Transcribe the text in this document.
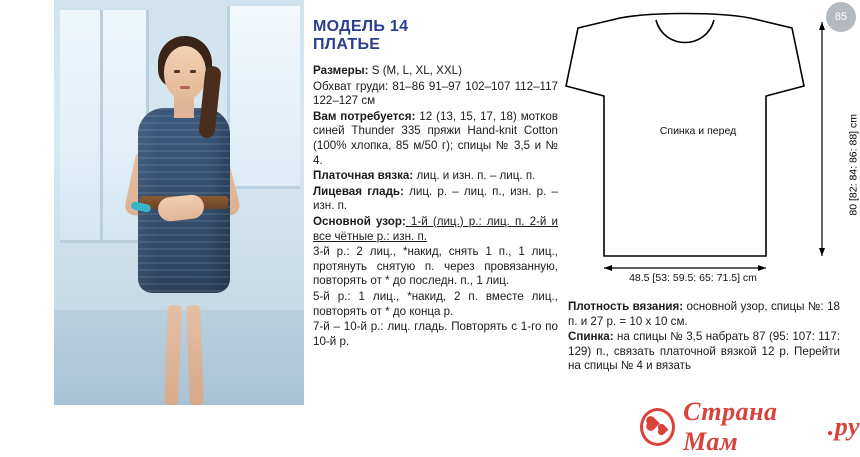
МОДЕЛЬ 14
ПЛАТЬЕ

Размеры: S (M, L, XL, XXL)

Обхват груди: 81–86 91–97 102–107 112–117 122–127 см

Вам потребуется: 12 (13, 15, 17, 18) мотков синей Thunder 335 пряжи Hand-knit Cotton (100% хлопка, 85 м/50 г); спицы № 3,5 и № 4.

Платочная вязка: лиц. и изн. п. – лиц. п.

Лицевая гладь: лиц. р. – лиц. п., изн. р. – изн. п.

Основной узор: 1-й (лиц.) р.: лиц. п. 2-й и все чётные р.: изн. п.

3-й р.: 2 лиц., *накид, снять 1 п., 1 лиц., протянуть снятую п. через провязанную, повторять от * до последн. п., 1 лиц.

5-й р.: 1 лиц., *накид, 2 п. вместе лиц., повторять от * до конца р.

7-й – 10-й р.: лиц. гладь. Повторять с 1-го по 10-й р.

Спинка и перед
48.5 [53: 59.5: 65: 71.5] cm
80 [82: 84: 86: 88] cm

Плотность вязания: основной узор, спицы №: 18 п. и 27 р. = 10 х 10 см.

Спинка: на спицы № 3,5 набрать 87 (95: 107: 117: 129) п., связать платочной вязкой 12 р. Перейти на спицы № 4 и вязать

Страна Мам
.ру
85
